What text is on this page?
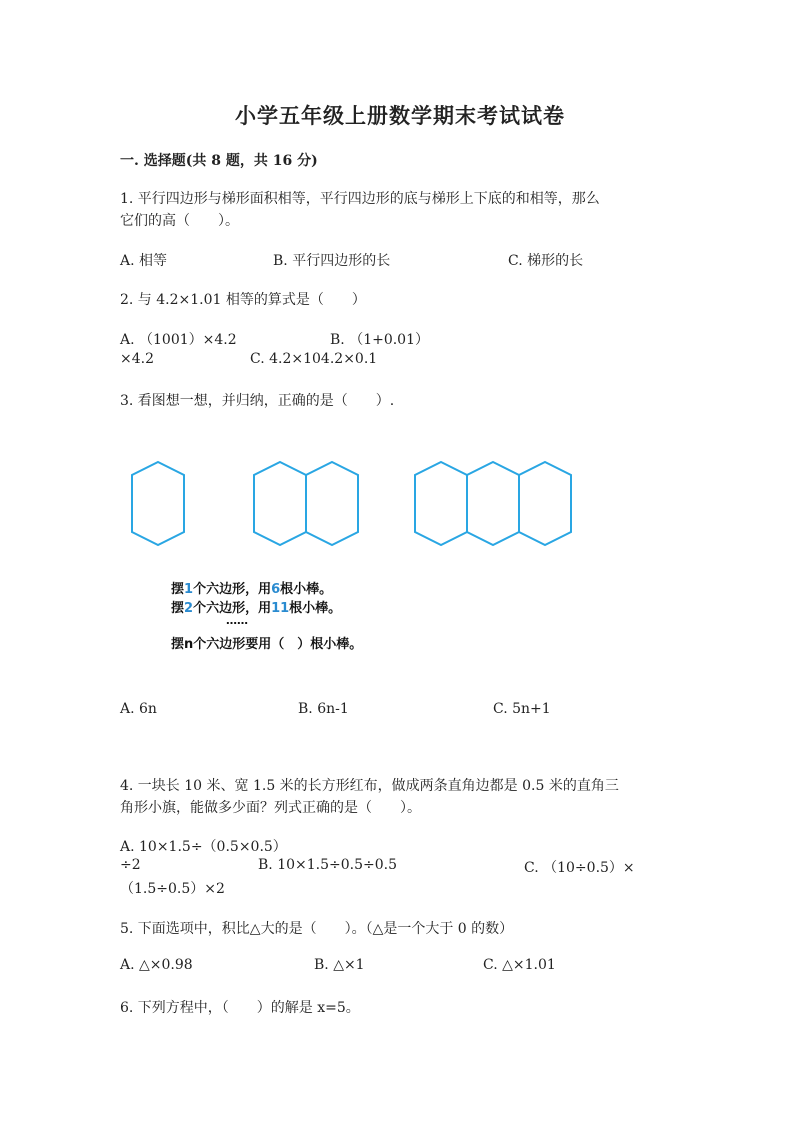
小学五年级上册数学期末考试试卷
一. 选择题(共 8 题，共 16 分)
1. 平行四边形与梯形面积相等，平行四边形的底与梯形上下底的和相等，那么
它们的高（　　）。
A. 相等	B. 平行四边形的长	C. 梯形的长
2. 与 4.2×1.01 相等的算式是（　　）
A. （1001）×4.2	B. （1+0.01）
×4.2	C. 4.2×104.2×0.1
3. 看图想一想，并归纳，正确的是（　　）.
摆1个六边形，用6根小棒。
摆2个六边形，用11根小棒。
……
摆n个六边形要用（　）根小棒。
A. 6n	B. 6n-1	C. 5n+1
4. 一块长 10 米、宽 1.5 米的长方形红布，做成两条直角边都是 0.5 米的直角三
角形小旗，能做多少面？列式正确的是（　　）。
A. 10×1.5÷（0.5×0.5）
÷2	B. 10×1.5÷0.5÷0.5	C. （10÷0.5）×
（1.5÷0.5）×2
5. 下面选项中，积比△大的是（　　）。（△是一个大于 0 的数）
A. △×0.98	B. △×1	C. △×1.01
6. 下列方程中，（　　）的解是 x=5。
